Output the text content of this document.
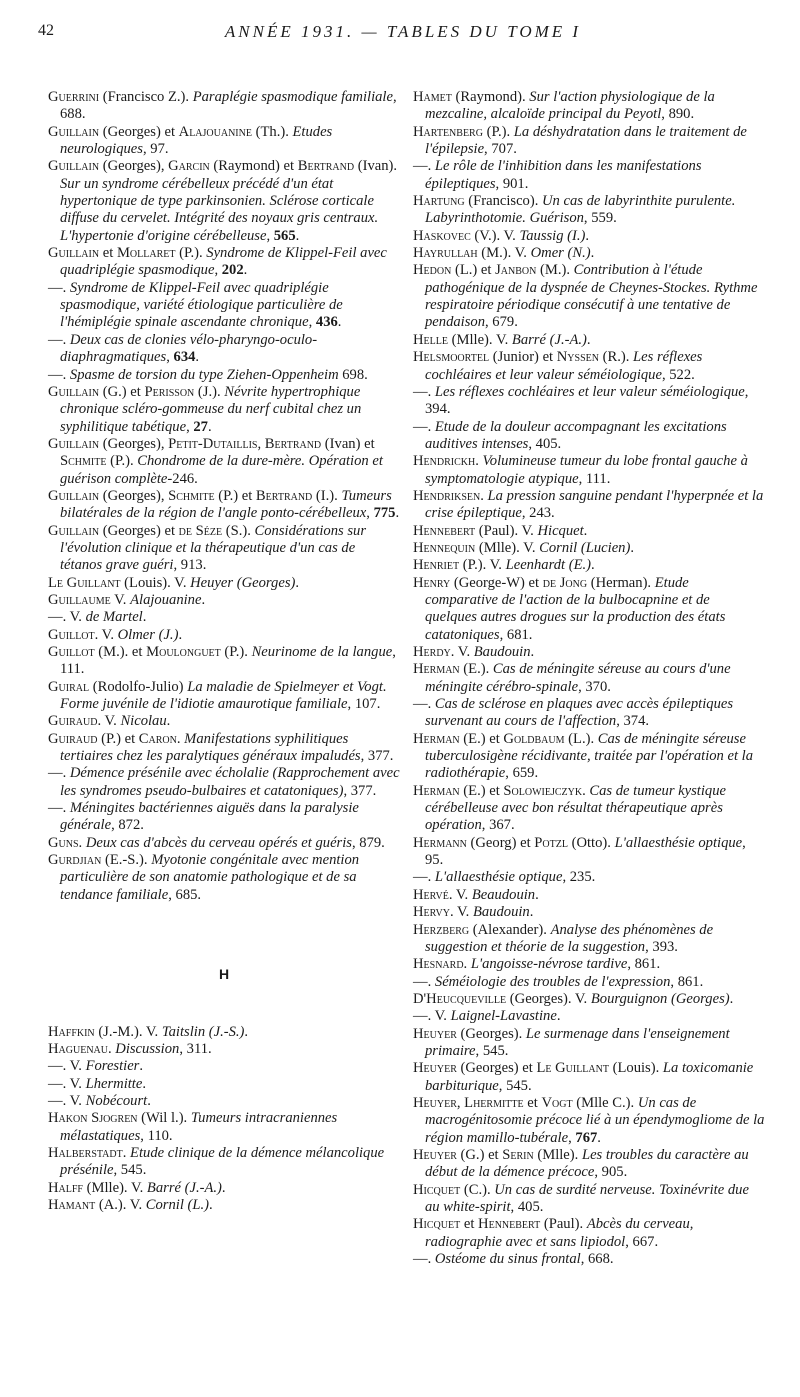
42	ANNÉE 1931. — TABLES DU TOME I

Guerrini (Francisco Z.). Paraplégie spasmodique familiale, 688.

Guillain (Georges) et Alajouanine (Th.). Etudes neurologiques, 97.

Guillain (Georges), Garcin (Raymond) et Bertrand (Ivan). Sur un syndrome cérébelleux précédé d'un état hypertonique de type parkinsonien. Sclérose corticale diffuse du cervelet. Intégrité des noyaux gris centraux. L'hypertonie d'origine cérébelleuse, 565.

Guillain et Mollaret (P.). Syndrome de Klippel-Feil avec quadriplégie spasmodique, 202.

—. Syndrome de Klippel-Feil avec quadriplégie spasmodique, variété étiologique particulière de l'hémiplégie spinale ascendante chronique, 436.

—. Deux cas de clonies vélo-pharyngo-oculo-diaphragmatiques, 634.

—. Spasme de torsion du type Ziehen-Oppenheim 698.

Guillain (G.) et Perisson (J.). Névrite hypertrophique chronique scléro-gommeuse du nerf cubital chez un syphilitique tabétique, 27.

Guillain (Georges), Petit-Dutaillis, Bertrand (Ivan) et Schmite (P.). Chondrome de la dure-mère. Opération et guérison complète-246.

Guillain (Georges), Schmite (P.) et Bertrand (I.). Tumeurs bilatérales de la région de l'angle ponto-cérébelleux, 775.

Guillain (Georges) et de Séze (S.). Considérations sur l'évolution clinique et la thérapeutique d'un cas de tétanos grave guéri, 913.

Le Guillant (Louis). V. Heuyer (Georges).

Guillaume V. Alajouanine.

—. V. de Martel.

Guillot. V. Olmer (J.).

Guillot (M.). et Moulonguet (P.). Neurinome de la langue, 111.

Guiral (Rodolfo-Julio) La maladie de Spielmeyer et Vogt. Forme juvénile de l'idiotie amaurotique familiale, 107.

Guiraud. V. Nicolau.

Guiraud (P.) et Caron. Manifestations syphilitiques tertiaires chez les paralytiques généraux impaludés, 377.

—. Démence présénile avec écholalie (Rapprochement avec les syndromes pseudo-bulbaires et catatoniques), 377.

—. Méningites bactériennes aiguës dans la paralysie générale, 872.

Guns. Deux cas d'abcès du cerveau opérés et guéris, 879.

Gurdjian (E.-S.). Myotonie congénitale avec mention particulière de son anatomie pathologique et de sa tendance familiale, 685.

H

Haffkin (J.-M.). V. Taitslin (J.-S.).

Haguenau. Discussion, 311.

—. V. Forestier.

—. V. Lhermitte.

—. V. Nobécourt.

Hakon Sjogren (Wil l.). Tumeurs intracraniennes mélastatiques, 110.

Halberstadt. Etude clinique de la démence mélancolique présénile, 545.

Halff (Mlle). V. Barré (J.-A.).

Hamant (A.). V. Cornil (L.).

Hamet (Raymond). Sur l'action physiologique de la mezcaline, alcaloïde principal du Peyotl, 890.

Hartenberg (P.). La déshydratation dans le traitement de l'épilepsie, 707.

—. Le rôle de l'inhibition dans les manifestations épileptiques, 901.

Hartung (Francisco). Un cas de labyrinthite purulente. Labyrinthotomie. Guérison, 559.

Haskovec (V.). V. Taussig (I.).

Hayrullah (M.). V. Omer (N.).

Hedon (L.) et Janbon (M.). Contribution à l'étude pathogénique de la dyspnée de Cheynes-Stockes. Rythme respiratoire périodique consécutif à une tentative de pendaison, 679.

Helle (Mlle). V. Barré (J.-A.).

Helsmoortel (Junior) et Nyssen (R.). Les réflexes cochléaires et leur valeur séméiologique, 522.

—. Les réflexes cochléaires et leur valeur séméiologique, 394.

—. Etude de la douleur accompagnant les excitations auditives intenses, 405.

Hendrickh. Volumineuse tumeur du lobe frontal gauche à symptomatologie atypique, 111.

Hendriksen. La pression sanguine pendant l'hyperpnée et la crise épileptique, 243.

Hennebert (Paul). V. Hicquet.

Hennequin (Mlle). V. Cornil (Lucien).

Henriet (P.). V. Leenhardt (E.).

Henry (George-W) et de Jong (Herman). Etude comparative de l'action de la bulbocapnine et de quelques autres drogues sur la production des états catatoniques, 681.

Herdy. V. Baudouin.

Herman (E.). Cas de méningite séreuse au cours d'une méningite cérébro-spinale, 370.

—. Cas de sclérose en plaques avec accès épileptiques survenant au cours de l'affection, 374.

Herman (E.) et Goldbaum (L.). Cas de méningite séreuse tuberculosigène récidivante, traitée par l'opération et la radiothérapie, 659.

Herman (E.) et Solowiejczyk. Cas de tumeur kystique cérébelleuse avec bon résultat thérapeutique après opération, 367.

Hermann (Georg) et Potzl (Otto). L'allaesthésie optique, 95.

—. L'allaesthésie optique, 235.

Hervé. V. Beaudouin.

Hervy. V. Baudouin.

Herzberg (Alexander). Analyse des phénomènes de suggestion et théorie de la suggestion, 393.

Hesnard. L'angoisse-névrose tardive, 861.

—. Séméiologie des troubles de l'expression, 861.

D'Heucqueville (Georges). V. Bourguignon (Georges).

—. V. Laignel-Lavastine.

Heuyer (Georges). Le surmenage dans l'enseignement primaire, 545.

Heuyer (Georges) et Le Guillant (Louis). La toxicomanie barbiturique, 545.

Heuyer, Lhermitte et Vogt (Mlle C.). Un cas de macrogénitosomie précoce lié à un épendymogliome de la région mamillo-tubérale, 767.

Heuyer (G.) et Serin (Mlle). Les troubles du caractère au début de la démence précoce, 905.

Hicquet (C.). Un cas de surdité nerveuse. Toxinévrite due au white-spirit, 405.

Hicquet et Hennebert (Paul). Abcès du cerveau, radiographie avec et sans lipiodol, 667.

—. Ostéome du sinus frontal, 668.
